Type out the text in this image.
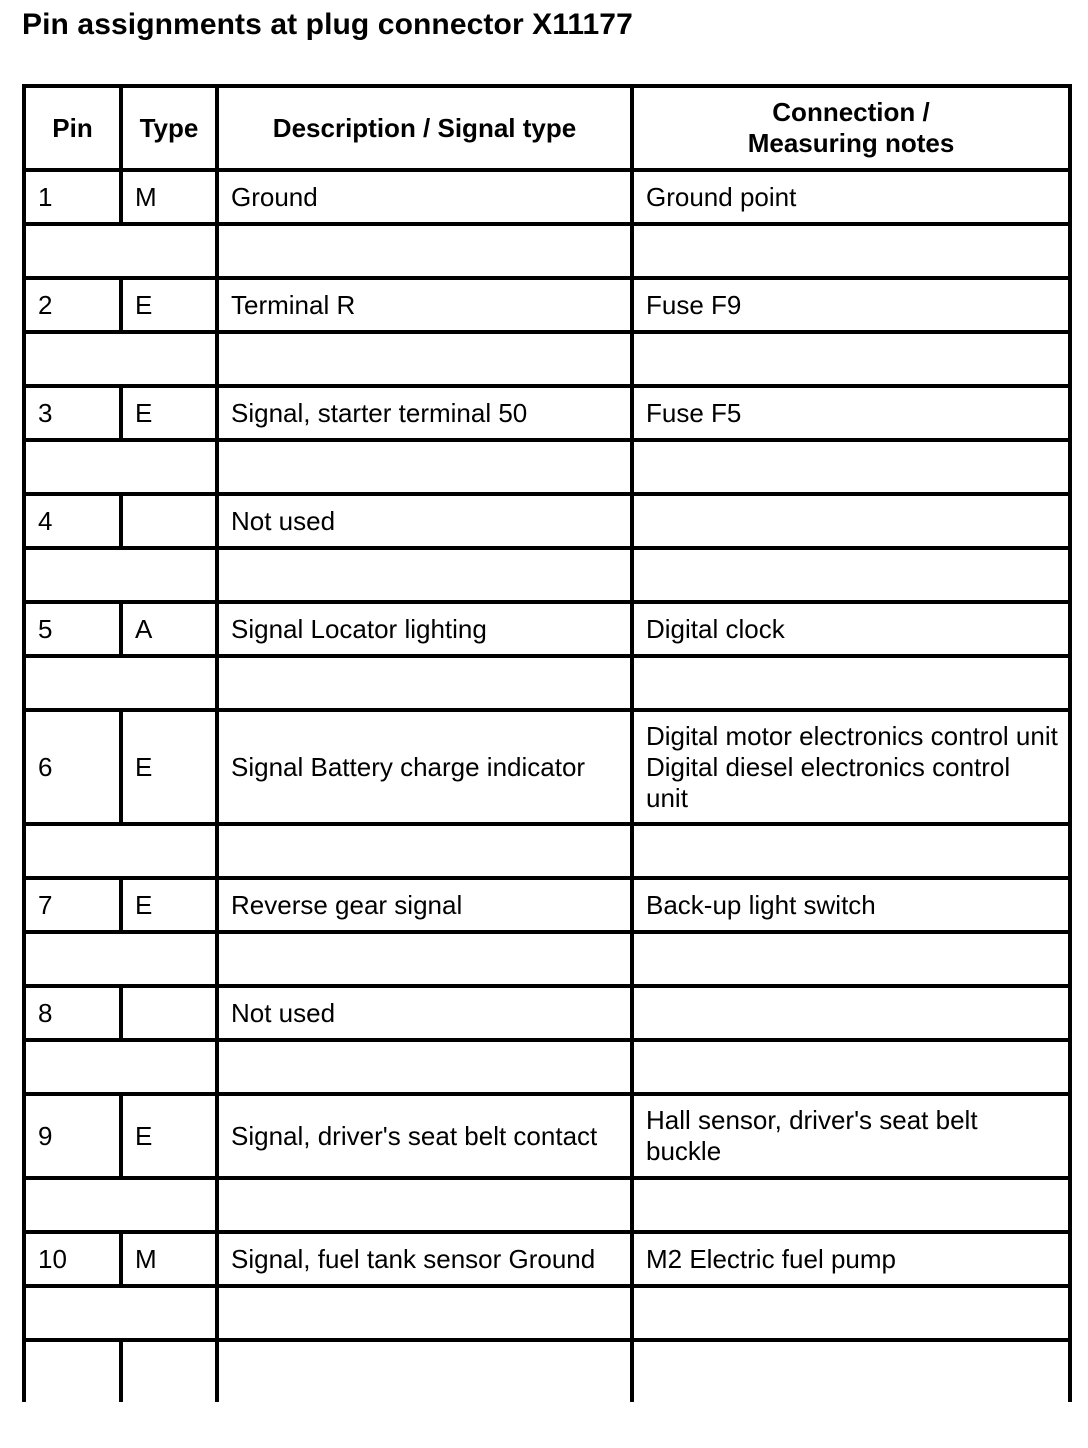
Pin assignments at plug connector X11177
Pin	Type	Description / Signal type	Connection /
Measuring notes

1	M	Ground	Ground point

2	E	Terminal R	Fuse F9

3	E	Signal, starter terminal 50	Fuse F5

4		Not used	

5	A	Signal Locator lighting	Digital clock

6	E	Signal Battery charge indicator	Digital motor electronics control unit Digital diesel electronics control unit

7	E	Reverse gear signal	Back-up light switch

8		Not used	

9	E	Signal, driver's seat belt contact	Hall sensor, driver's seat belt buckle

10	M	Signal, fuel tank sensor Ground	M2 Electric fuel pump
